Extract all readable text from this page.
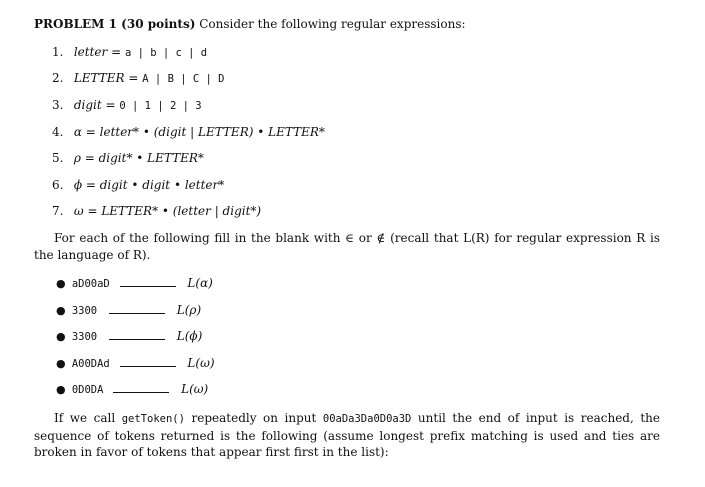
PROBLEM 1 (30 points) Consider the following regular expressions:
1. letter = a | b | c | d
2. LETTER = A | B | C | D
3. digit = 0 | 1 | 2 | 3
4. α = letter* • (digit | LETTER) • LETTER*
5. ρ = digit* • LETTER*
6. ϕ = digit • digit • letter*
7. ω = LETTER* • (letter | digit*)
For each of the following fill in the blank with ∈ or ∉ (recall that L(R) for regular expression R is the language of R).
● aD00aD	L(α)
● 3300	L(ρ)
● 3300	L(ϕ)
● A00DAd	L(ω)
● 0D0DA	L(ω)
If we call getToken() repeatedly on input 00aDa3Da0D0a3D until the end of input is reached, the sequence of tokens returned is the following (assume longest prefix matching is used and ties are broken in favor of tokens that appear first first in the list):
